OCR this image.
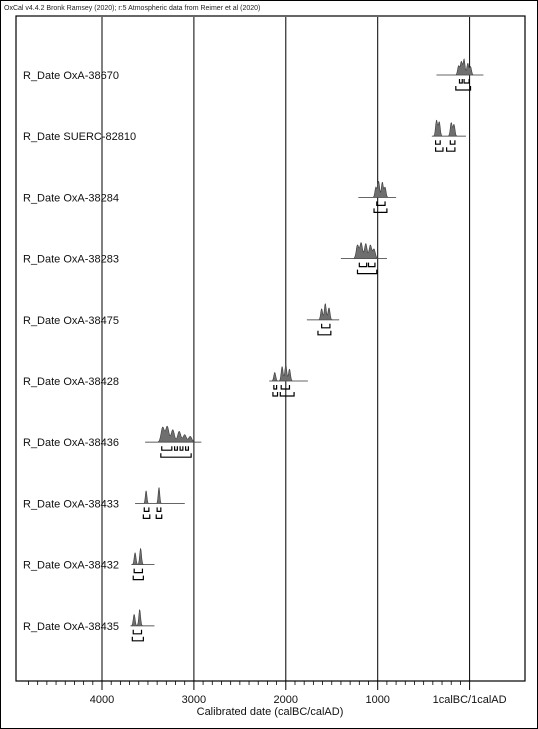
OxCal v4.4.2 Bronk Ramsey (2020); r:5 Atmospheric data from Reimer et al (2020)
R_Date OxA-38670
R_Date SUERC-82810
R_Date OxA-38284
R_Date OxA-38283
R_Date OxA-38475
R_Date OxA-38428
R_Date OxA-38436
R_Date OxA-38433
R_Date OxA-38432
R_Date OxA-38435
4000	3000	2000	1000	1calBC/1calAD
Calibrated date (calBC/calAD)
